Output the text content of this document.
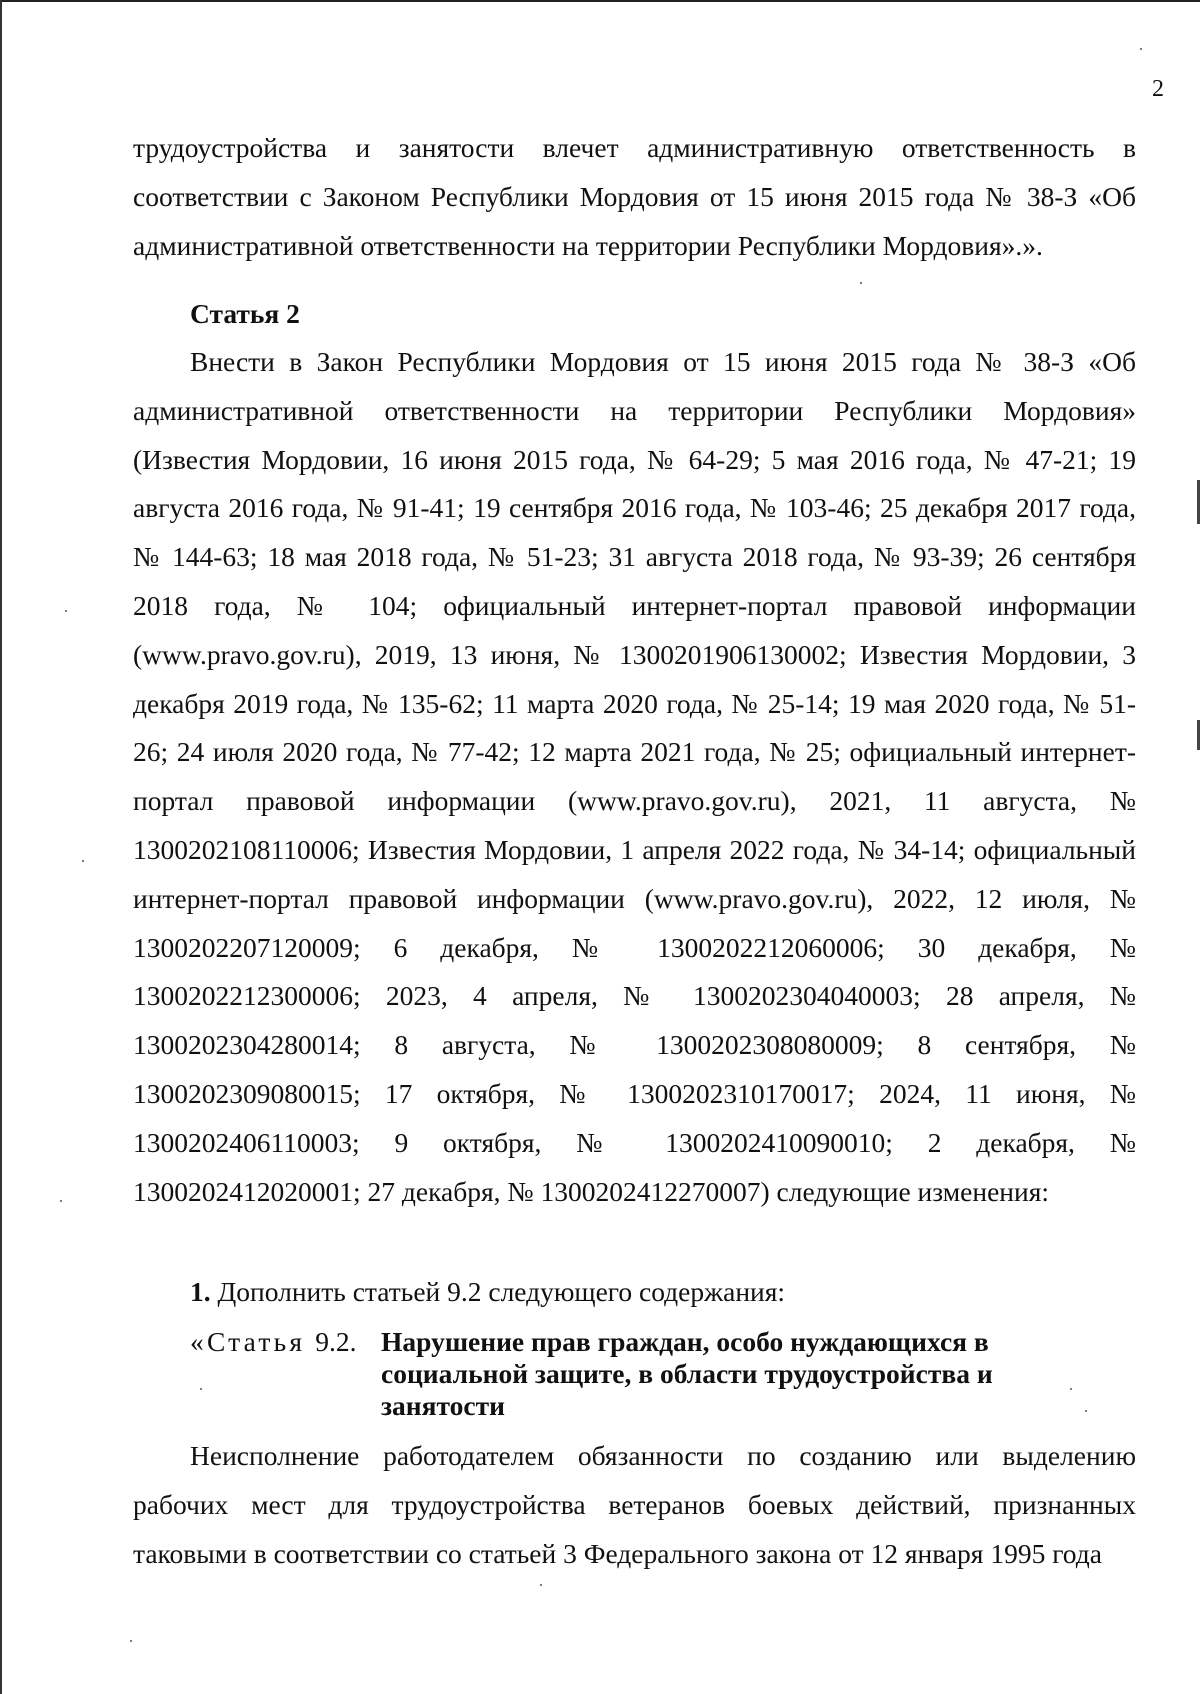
2

трудоустройства и занятости влечет административную ответственность в соответствии с Законом Республики Мордовия от 15 июня 2015 года № 38-З «Об административной ответственности на территории Республики Мордовия».».

Статья 2

Внести в Закон Республики Мордовия от 15 июня 2015 года № 38-З «Об административной ответственности на территории Республики Мордовия» (Известия Мордовии, 16 июня 2015 года, № 64-29; 5 мая 2016 года, № 47-21; 19 августа 2016 года, № 91-41; 19 сентября 2016 года, № 103-46; 25 декабря 2017 года, № 144-63; 18 мая 2018 года, № 51-23; 31 августа 2018 года, № 93-39; 26 сентября 2018 года, № 104; официальный интернет-портал правовой информации (www.pravo.gov.ru), 2019, 13 июня, № 1300201906130002; Известия Мордовии, 3 декабря 2019 года, № 135-62; 11 марта 2020 года, № 25-14; 19 мая 2020 года, № 51-26; 24 июля 2020 года, № 77-42; 12 марта 2021 года, № 25; официальный интернет-портал правовой информации (www.pravo.gov.ru), 2021, 11 августа, № 1300202108110006; Известия Мордовии, 1 апреля 2022 года, № 34-14; официальный интернет-портал правовой информации (www.pravo.gov.ru), 2022, 12 июля, № 1300202207120009; 6 декабря, № 1300202212060006; 30 декабря, № 1300202212300006; 2023, 4 апреля, № 1300202304040003; 28 апреля, № 1300202304280014; 8 августа, № 1300202308080009; 8 сентября, № 1300202309080015; 17 октября, № 1300202310170017; 2024, 11 июня, № 1300202406110003; 9 октября, № 1300202410090010; 2 декабря, № 1300202412020001; 27 декабря, № 1300202412270007) следующие изменения:

1. Дополнить статьей 9.2 следующего содержания:
«Статья 9.2. Нарушение прав граждан, особо нуждающихся в социальной защите, в области трудоустройства и занятости

Неисполнение работодателем обязанности по созданию или выделению рабочих мест для трудоустройства ветеранов боевых действий, признанных таковыми в соответствии со статьей 3 Федерального закона от 12 января 1995 года
